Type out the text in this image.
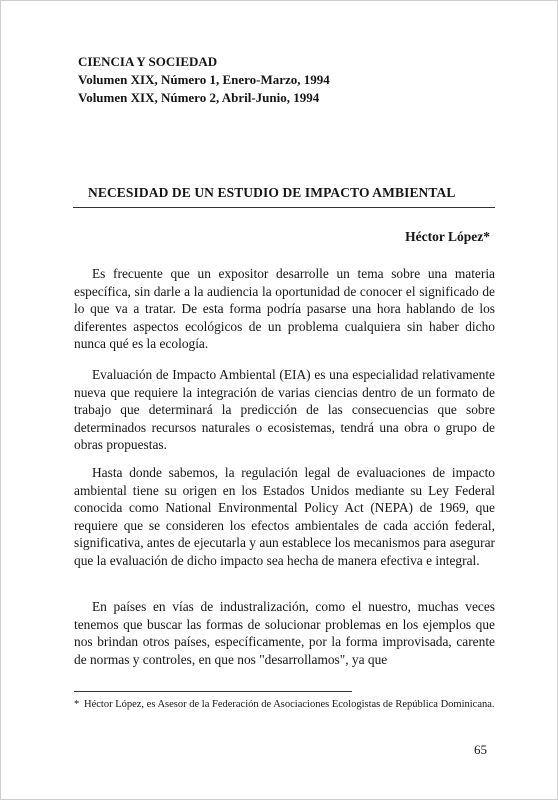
CIENCIA Y SOCIEDAD
Volumen XIX, Número 1, Enero-Marzo, 1994
Volumen XIX, Número 2, Abril-Junio, 1994
NECESIDAD DE UN ESTUDIO DE IMPACTO AMBIENTAL
Héctor López*

Es frecuente que un expositor desarrolle un tema sobre una materia específica, sin darle a la audiencia la oportunidad de conocer el significado de lo que va a tratar. De esta forma podría pasarse una hora hablando de los diferentes aspectos ecológicos de un problema cualquiera sin haber dicho nunca qué es la ecología.

Evaluación de Impacto Ambiental (EIA) es una especialidad relativamente nueva que requiere la integración de varias ciencias dentro de un formato de trabajo que determinará la predicción de las consecuencias que sobre determinados recursos naturales o ecosistemas, tendrá una obra o grupo de obras propuestas.

Hasta donde sabemos, la regulación legal de evaluaciones de impacto ambiental tiene su origen en los Estados Unidos mediante su Ley Federal conocida como National Environmental Policy Act (NEPA) de 1969, que requiere que se consideren los efectos ambientales de cada acción federal, significativa, antes de ejecutarla y aun establece los mecanismos para asegurar que la evaluación de dicho impacto sea hecha de manera efectiva e integral.

En países en vías de industralización, como el nuestro, muchas veces tenemos que buscar las formas de solucionar problemas en los ejemplos que nos brindan otros países, específicamente, por la forma improvisada, carente de normas y controles, en que nos "desarrollamos", ya que

* Héctor López, es Asesor de la Federación de Asociaciones Ecologistas de República Dominicana.
65
